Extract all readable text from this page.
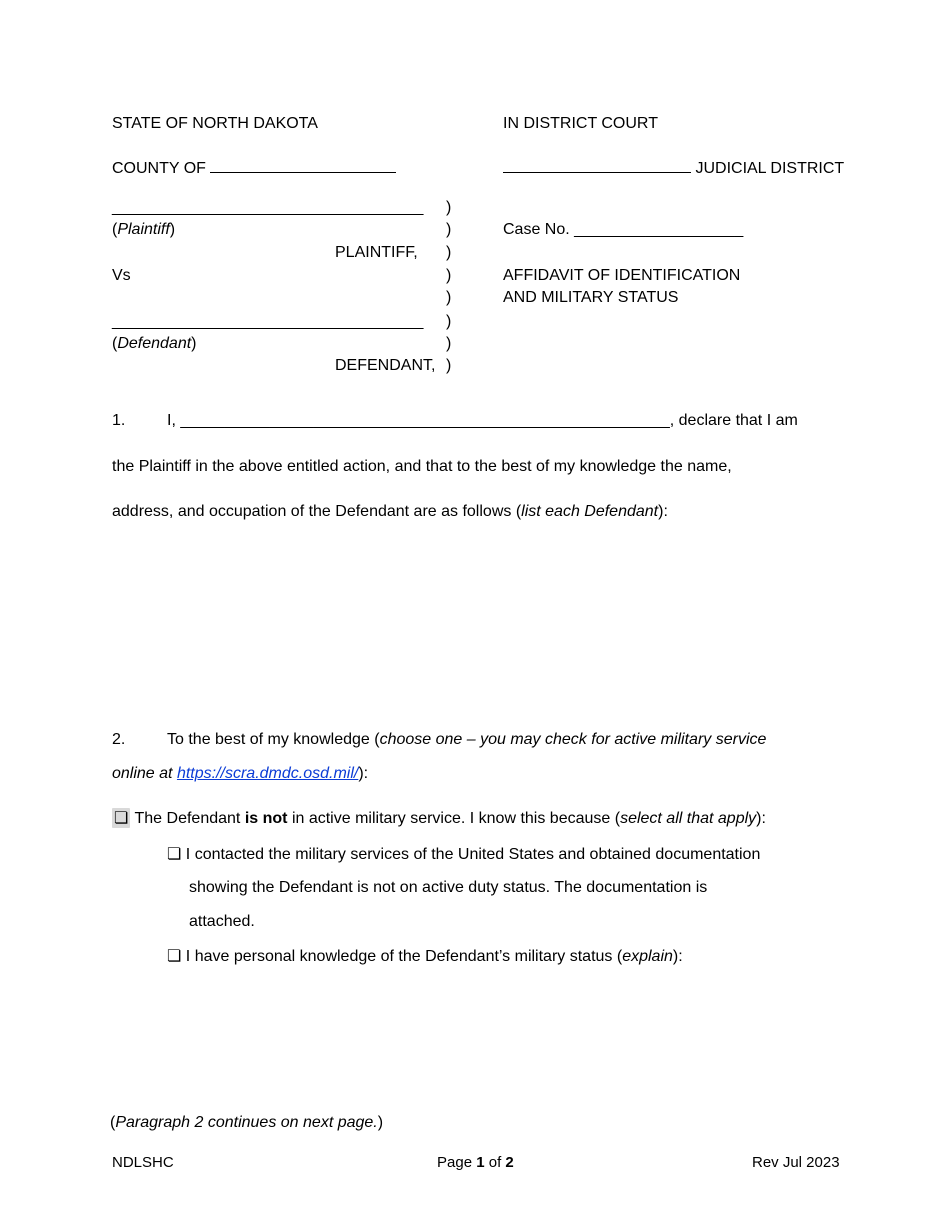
STATE OF NORTH DAKOTA	IN DISTRICT COURT
COUNTY OF	JUDICIAL DISTRICT
___________________________________
(Plaintiff)
PLAINTIFF,
Vs
___________________________________
(Defendant)
DEFENDANT,
)
)
)
)
)
)
)
)
Case No. ___________________
AFFIDAVIT OF IDENTIFICATION
AND MILITARY STATUS
1.	I, _______________________________________________________, declare that I am
the Plaintiff in the above entitled action, and that to the best of my knowledge the name,
address, and occupation of the Defendant are as follows (list each Defendant):
2.	To the best of my knowledge (choose one – you may check for active military service
online at https://scra.dmdc.osd.mil/):
❏ The Defendant is not in active military service. I know this because (select all that apply):
❏ I contacted the military services of the United States and obtained documentation
showing the Defendant is not on active duty status. The documentation is
attached.
❏ I have personal knowledge of the Defendant’s military status (explain):
(Paragraph 2 continues on next page.)
NDLSHC	Page 1 of 2	Rev Jul 2023
